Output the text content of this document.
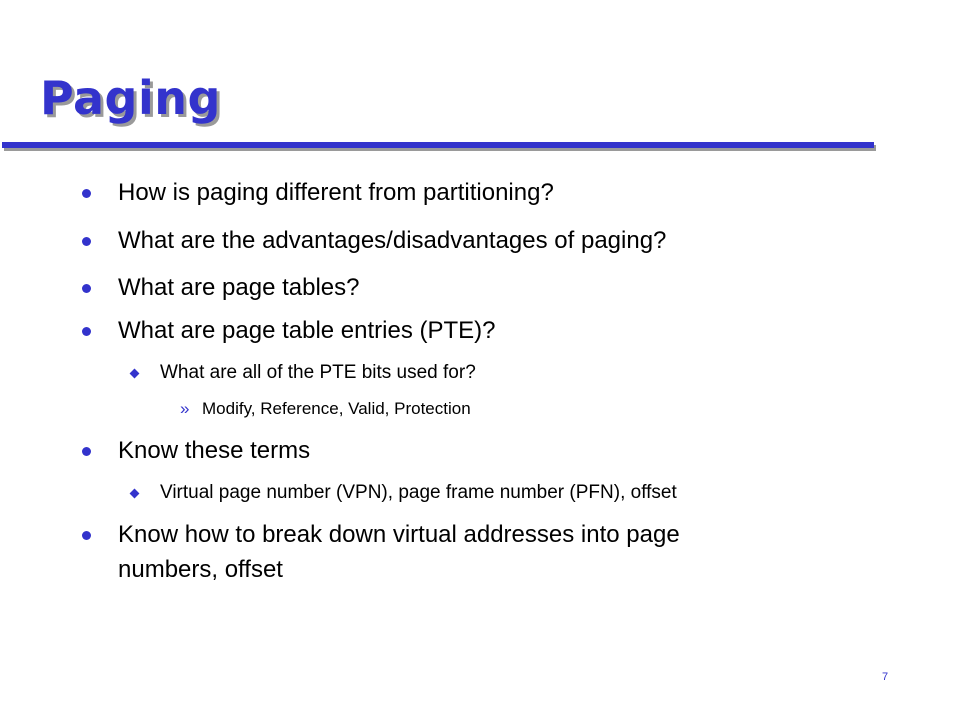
Paging
How is paging different from partitioning?
What are the advantages/disadvantages of paging?
What are page tables?
What are page table entries (PTE)?
What are all of the PTE bits used for?
» Modify, Reference, Valid, Protection
Know these terms
Virtual page number (VPN), page frame number (PFN), offset
Know how to break down virtual addresses into page
numbers, offset
7
